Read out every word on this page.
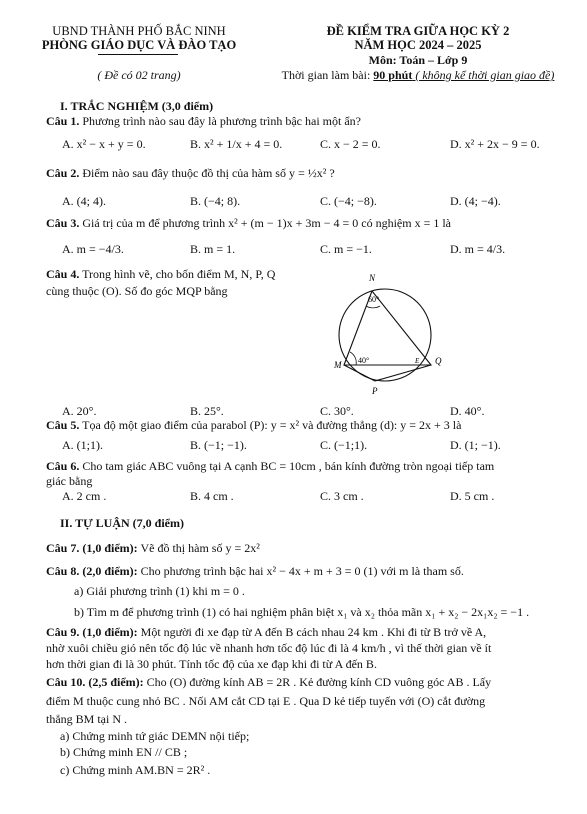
UBND THÀNH PHỐ BẮC NINH
PHÒNG GIÁO DỤC VÀ ĐÀO TẠO
( Đề có 02 trang)
ĐỀ KIỂM TRA GIỮA HỌC KỲ 2
NĂM HỌC 2024 – 2025
Môn: Toán – Lớp 9
Thời gian làm bài: 90 phút ( không kể thời gian giao đề)
I. TRẮC NGHIỆM (3,0 điểm)
Câu 1. Phương trình nào sau đây là phương trình bậc hai một ẩn?
A. x² − x + y = 0.	B. x² + 1/x + 4 = 0.	C. x − 2 = 0.	D. x² + 2x − 9 = 0.
Câu 2. Điểm nào sau đây thuộc đồ thị của hàm số y = ½x² ?
A. (4; 4).	B. (−4; 8).	C. (−4; −8).	D. (4; −4).
Câu 3. Giá trị của m để phương trình x² + (m − 1)x + 3m − 4 = 0 có nghiệm x = 1 là
A. m = −4/3.	B. m = 1.	C. m = −1.	D. m = 4/3.
Câu 4. Trong hình vẽ, cho bốn điểm M, N, P, Q
cùng thuộc (O). Số đo góc MQP bằng
N
M
P
Q
E
60°
40°
A. 20°.	B. 25°.	C. 30°.	D. 40°.
Câu 5. Tọa độ một giao điểm của parabol (P): y = x² và đường thẳng (d): y = 2x + 3 là
A. (1;1).	B. (−1; −1).	C. (−1;1).	D. (1; −1).
Câu 6. Cho tam giác ABC vuông tại A cạnh BC = 10cm , bán kính đường tròn ngoại tiếp tam
giác bằng
A. 2 cm .	B. 4 cm .	C. 3 cm .	D. 5 cm .
II. TỰ LUẬN (7,0 điểm)
Câu 7. (1,0 điểm): Vẽ đồ thị hàm số y = 2x²
Câu 8. (2,0 điểm): Cho phương trình bậc hai x² − 4x + m + 3 = 0 (1) với m là tham số.
a) Giải phương trình (1) khi m = 0 .
b) Tìm m để phương trình (1) có hai nghiệm phân biệt x₁ và x₂ thỏa mãn x₁ + x₂ − 2x₁x₂ = −1 .
Câu 9. (1,0 điểm): Một người đi xe đạp từ A đến B cách nhau 24 km . Khi đi từ B trở về A,
nhờ xuôi chiều gió nên tốc độ lúc về nhanh hơn tốc độ lúc đi là 4 km/h , vì thế thời gian về ít
hơn thời gian đi là 30 phút. Tính tốc độ của xe đạp khi đi từ A đến B.
Câu 10. (2,5 điểm): Cho (O) đường kính AB = 2R . Kẻ đường kính CD vuông góc AB . Lấy
điểm M thuộc cung nhỏ BC . Nối AM cắt CD tại E . Qua D kẻ tiếp tuyến với (O) cắt đường
thẳng BM tại N .
a) Chứng minh tứ giác DEMN nội tiếp;
b) Chứng minh EN // CB ;
c) Chứng minh AM.BN = 2R² .
